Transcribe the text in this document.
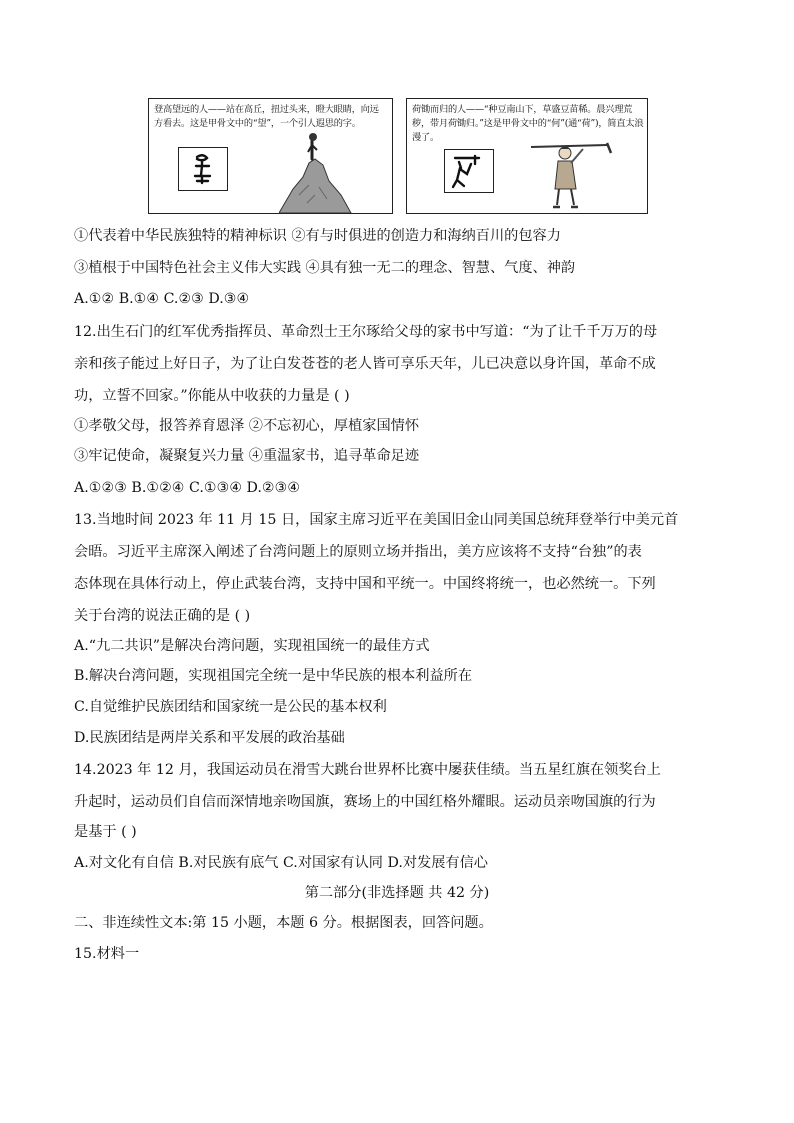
登高望远的人——站在高丘，扭过头来，瞪大眼睛，向远方看去。这是甲骨文中的“望”，一个引人遐思的字。
荷锄而归的人——“种豆南山下，草盛豆苗稀。晨兴理荒秽，带月荷锄归。”这是甲骨文中的“何”(通“荷”)，简直太浪漫了。
①代表着中华民族独特的精神标识 ②有与时俱进的创造力和海纳百川的包容力
③植根于中国特色社会主义伟大实践 ④具有独一无二的理念、智慧、气度、神韵
A.①② B.①④ C.②③ D.③④
12.出生石门的红军优秀指挥员、革命烈士王尔琢给父母的家书中写道：“为了让千千万万的母
亲和孩子能过上好日子，为了让白发苍苍的老人皆可享乐天年，儿已决意以身许国，革命不成
功，立誓不回家。”你能从中收获的力量是 ( )
①孝敬父母，报答养育恩泽 ②不忘初心，厚植家国情怀
③牢记使命，凝聚复兴力量 ④重温家书，追寻革命足迹
A.①②③ B.①②④ C.①③④ D.②③④
13.当地时间 2023 年 11 月 15 日，国家主席习近平在美国旧金山同美国总统拜登举行中美元首
会晤。习近平主席深入阐述了台湾问题上的原则立场并指出，美方应该将不支持“台独”的表
态体现在具体行动上，停止武装台湾，支持中国和平统一。中国终将统一，也必然统一。下列
关于台湾的说法正确的是 ( )
A.“九二共识”是解决台湾问题，实现祖国统一的最佳方式
B.解决台湾问题，实现祖国完全统一是中华民族的根本利益所在
C.自觉维护民族团结和国家统一是公民的基本权利
D.民族团结是两岸关系和平发展的政治基础
14.2023 年 12 月，我国运动员在滑雪大跳台世界杯比赛中屡获佳绩。当五星红旗在领奖台上
升起时，运动员们自信而深情地亲吻国旗，赛场上的中国红格外耀眼。运动员亲吻国旗的行为
是基于 ( )
A.对文化有自信 B.对民族有底气 C.对国家有认同 D.对发展有信心
第二部分(非选择题 共 42 分)
二、非连续性文本:第 15 小题，本题 6 分。根据图表，回答问题。
15.材料一
